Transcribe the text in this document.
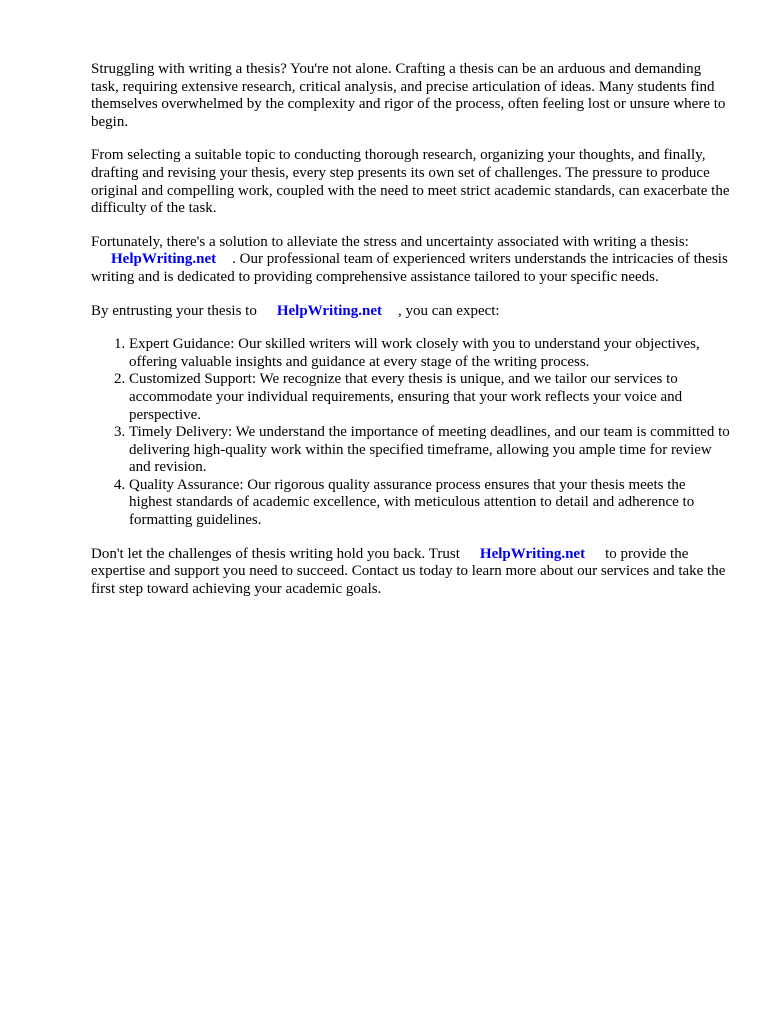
Struggling with writing a thesis? You're not alone. Crafting a thesis can be an arduous and demanding task, requiring extensive research, critical analysis, and precise articulation of ideas. Many students find themselves overwhelmed by the complexity and rigor of the process, often feeling lost or unsure where to begin.

From selecting a suitable topic to conducting thorough research, organizing your thoughts, and finally, drafting and revising your thesis, every step presents its own set of challenges. The pressure to produce original and compelling work, coupled with the need to meet strict academic standards, can exacerbate the difficulty of the task.

Fortunately, there's a solution to alleviate the stress and uncertainty associated with writing a thesis:
HelpWriting.net . Our professional team of experienced writers understands the intricacies of thesis writing and is dedicated to providing comprehensive assistance tailored to your specific needs.

By entrusting your thesis to HelpWriting.net , you can expect:

1. Expert Guidance: Our skilled writers will work closely with you to understand your objectives, offering valuable insights and guidance at every stage of the writing process.
2. Customized Support: We recognize that every thesis is unique, and we tailor our services to accommodate your individual requirements, ensuring that your work reflects your voice and perspective.
3. Timely Delivery: We understand the importance of meeting deadlines, and our team is committed to delivering high-quality work within the specified timeframe, allowing you ample time for review and revision.
4. Quality Assurance: Our rigorous quality assurance process ensures that your thesis meets the highest standards of academic excellence, with meticulous attention to detail and adherence to formatting guidelines.

Don't let the challenges of thesis writing hold you back. Trust HelpWriting.net to provide the expertise and support you need to succeed. Contact us today to learn more about our services and take the first step toward achieving your academic goals.
